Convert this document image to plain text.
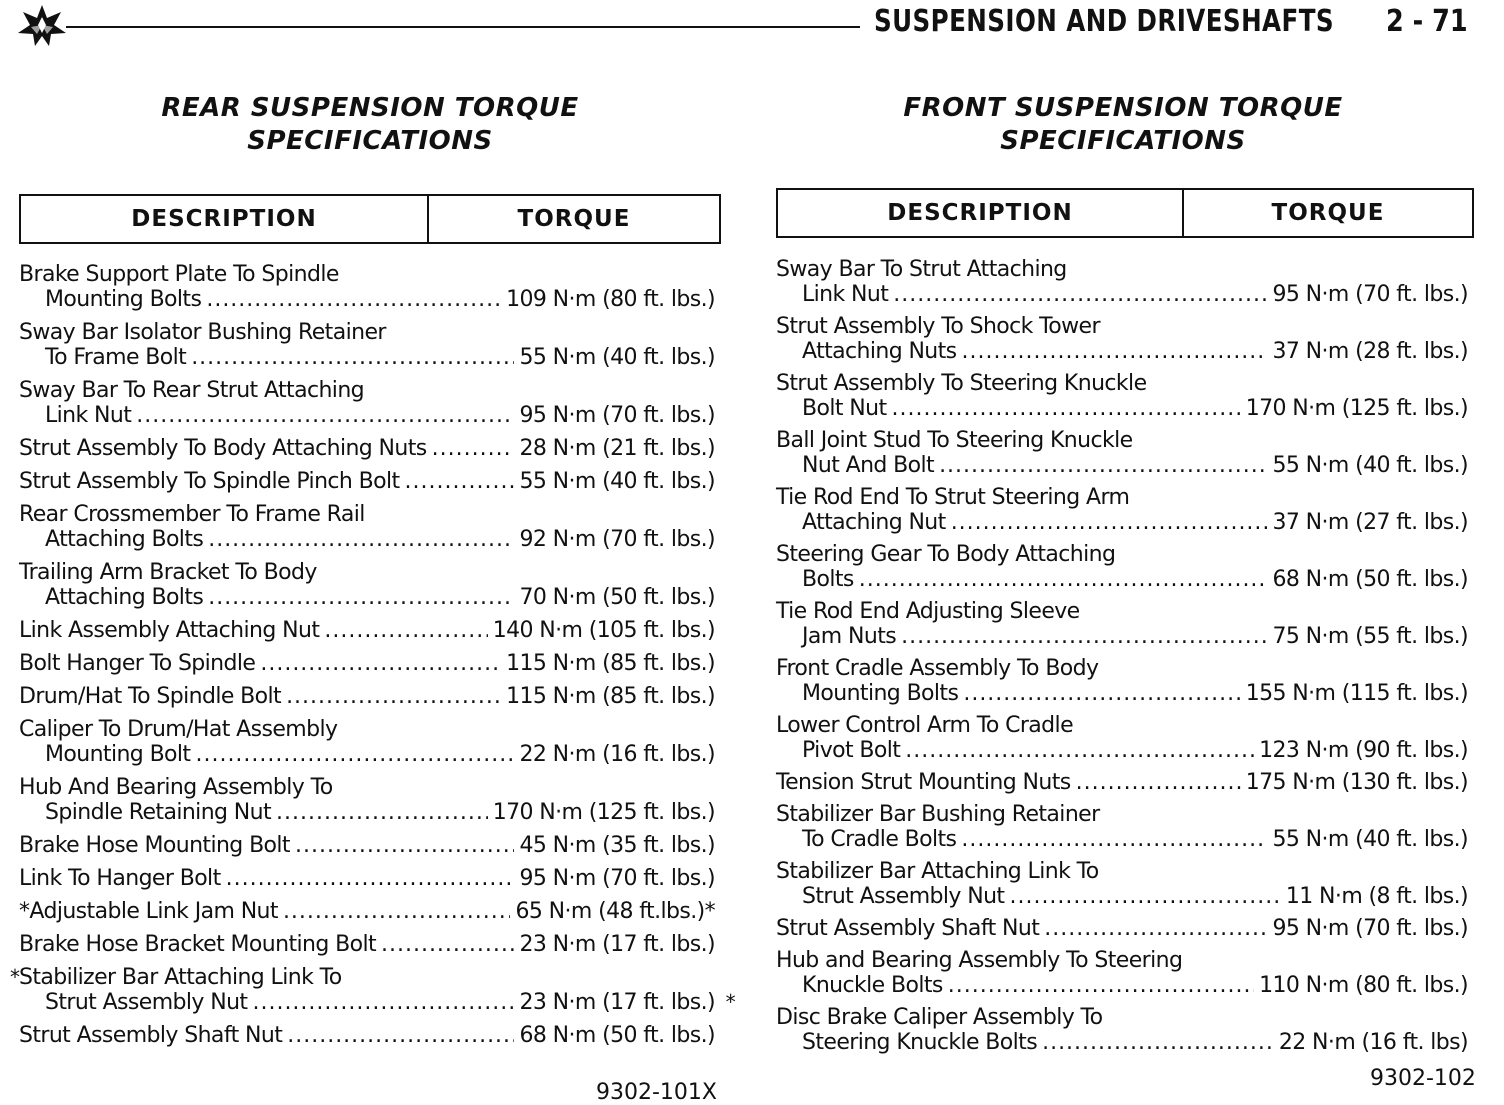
SUSPENSION AND DRIVESHAFTS 2 - 71
REAR SUSPENSION TORQUE
SPECIFICATIONS
DESCRIPTION	TORQUE
Brake Support Plate To Spindle
Mounting Bolts .....	109 N·m (80 ft. lbs.)
Sway Bar Isolator Bushing Retainer
To Frame Bolt .....	55 N·m (40 ft. lbs.)
Sway Bar To Rear Strut Attaching
Link Nut .....	95 N·m (70 ft. lbs.)
Strut Assembly To Body Attaching Nuts .....	28 N·m (21 ft. lbs.)
Strut Assembly To Spindle Pinch Bolt .....	55 N·m (40 ft. lbs.)
Rear Crossmember To Frame Rail
Attaching Bolts .....	92 N·m (70 ft. lbs.)
Trailing Arm Bracket To Body
Attaching Bolts .....	70 N·m (50 ft. lbs.)
Link Assembly Attaching Nut .....	140 N·m (105 ft. lbs.)
Bolt Hanger To Spindle .....	115 N·m (85 ft. lbs.)
Drum/Hat To Spindle Bolt .....	115 N·m (85 ft. lbs.)
Caliper To Drum/Hat Assembly
Mounting Bolt .....	22 N·m (16 ft. lbs.)
Hub And Bearing Assembly To
Spindle Retaining Nut .....	170 N·m (125 ft. lbs.)
Brake Hose Mounting Bolt .....	45 N·m (35 ft. lbs.)
Link To Hanger Bolt .....	95 N·m (70 ft. lbs.)
*Adjustable Link Jam Nut .....	65 N·m (48 ft.lbs.)*
Brake Hose Bracket Mounting Bolt .....	23 N·m (17 ft. lbs.)
Stabilizer Bar Attaching Link To
Strut Assembly Nut .....	23 N·m (17 ft. lbs.)
*
*
Strut Assembly Shaft Nut .....	68 N·m (50 ft. lbs.)
9302-101X
FRONT SUSPENSION TORQUE
SPECIFICATIONS
DESCRIPTION	TORQUE
Sway Bar To Strut Attaching
Link Nut .....	95 N·m (70 ft. lbs.)
Strut Assembly To Shock Tower
Attaching Nuts .....	37 N·m (28 ft. lbs.)
Strut Assembly To Steering Knuckle
Bolt Nut .....	170 N·m (125 ft. lbs.)
Ball Joint Stud To Steering Knuckle
Nut And Bolt .....	55 N·m (40 ft. lbs.)
Tie Rod End To Strut Steering Arm
Attaching Nut .....	37 N·m (27 ft. lbs.)
Steering Gear To Body Attaching
Bolts .....	68 N·m (50 ft. lbs.)
Tie Rod End Adjusting Sleeve
Jam Nuts .....	75 N·m (55 ft. lbs.)
Front Cradle Assembly To Body
Mounting Bolts .....	155 N·m (115 ft. lbs.)
Lower Control Arm To Cradle
Pivot Bolt .....	123 N·m (90 ft. lbs.)
Tension Strut Mounting Nuts .....	175 N·m (130 ft. lbs.)
Stabilizer Bar Bushing Retainer
To Cradle Bolts .....	55 N·m (40 ft. lbs.)
Stabilizer Bar Attaching Link To
Strut Assembly Nut .....	11 N·m (8 ft. lbs.)
Strut Assembly Shaft Nut .....	95 N·m (70 ft. lbs.)
Hub and Bearing Assembly To Steering
Knuckle Bolts .....	110 N·m (80 ft. lbs.)
Disc Brake Caliper Assembly To
Steering Knuckle Bolts .....	22 N·m (16 ft. lbs)
9302-102
